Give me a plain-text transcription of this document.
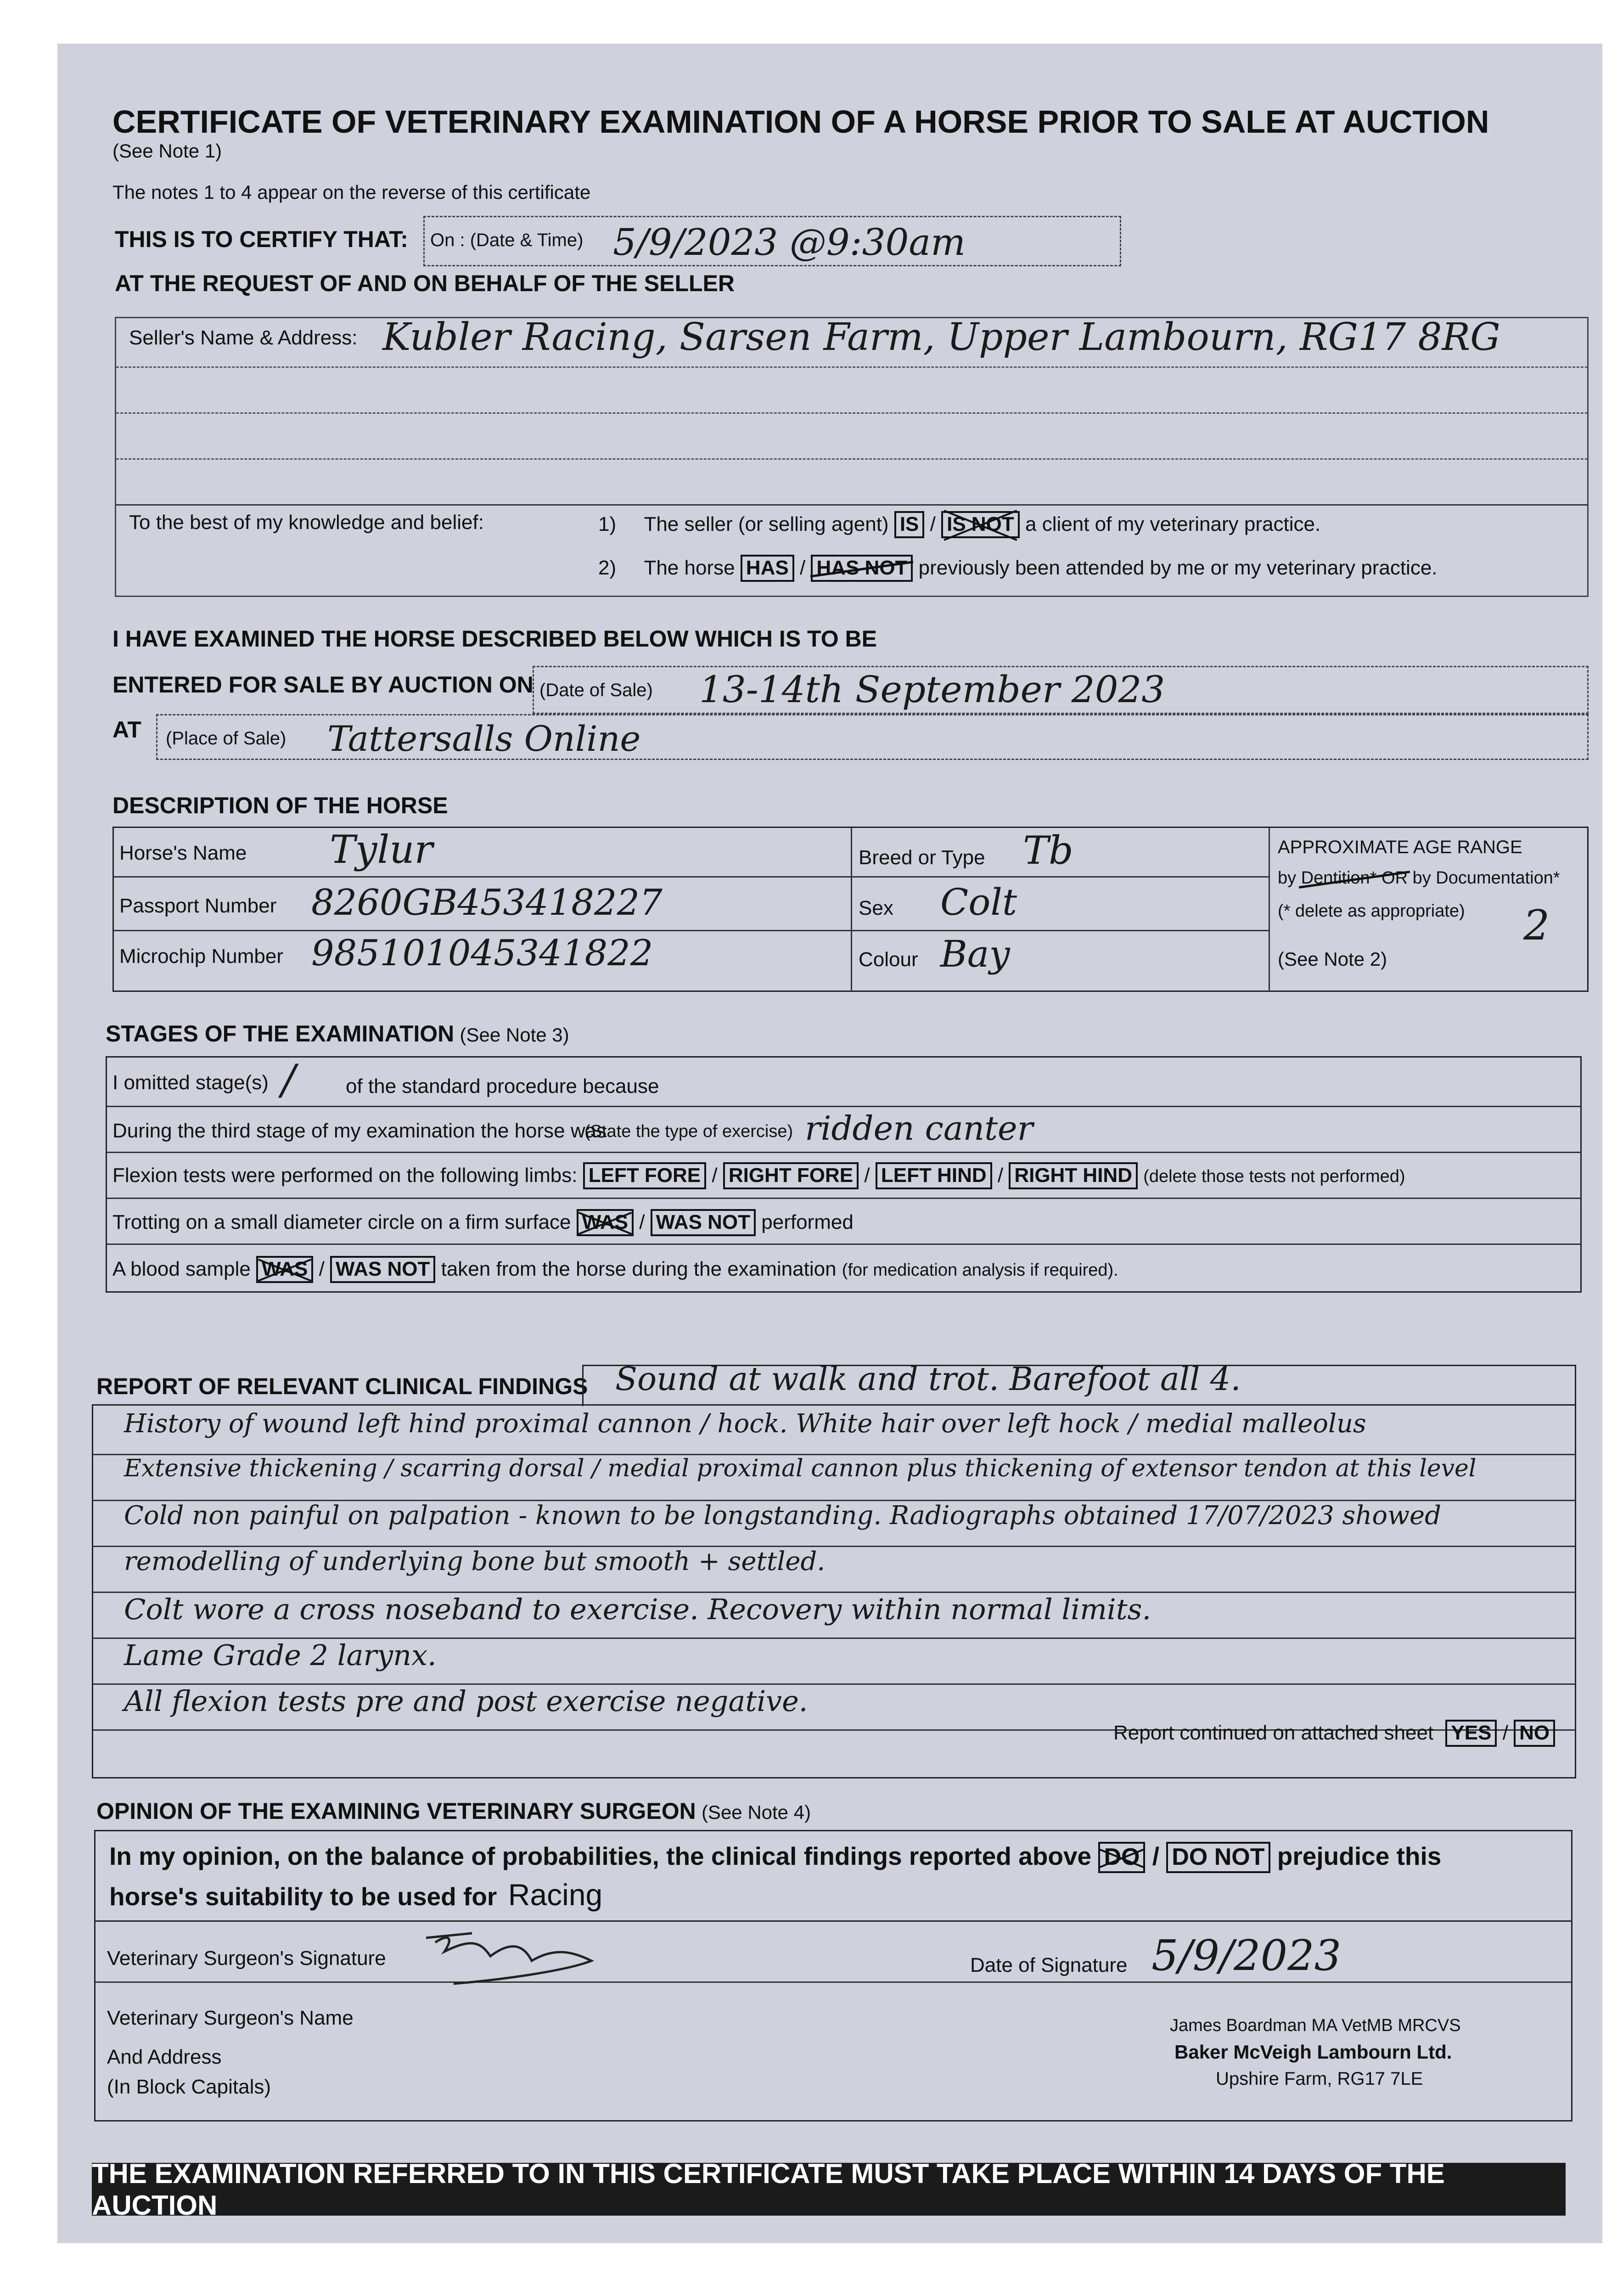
CERTIFICATE OF VETERINARY EXAMINATION OF A HORSE PRIOR TO SALE AT AUCTION
(See Note 1)
The notes 1 to 4 appear on the reverse of this certificate
THIS IS TO CERTIFY THAT: On : (Date & Time) 5/9/2023 @9:30am
AT THE REQUEST OF AND ON BEHALF OF THE SELLER
Seller's Name & Address: Kubler Racing, Sarsen Farm, Upper Lambourn, RG17 8RG
To the best of my knowledge and belief:	1) The seller (or selling agent) IS / IS NOT a client of my veterinary practice.
2) The horse HAS / HAS NOT previously been attended by me or my veterinary practice.
I HAVE EXAMINED THE HORSE DESCRIBED BELOW WHICH IS TO BE
ENTERED FOR SALE BY AUCTION ON (Date of Sale) 13-14th September 2023
AT (Place of Sale) Tattersalls Online
DESCRIPTION OF THE HORSE
Horse's Name Tylur
Passport Number 8260GB453418227
Microchip Number 985101045341822
Breed or Type Tb
Sex Colt
Colour Bay
APPROXIMATE AGE RANGE
by Dentition* OR by Documentation*
(* delete as appropriate) 2
(See Note 2)
STAGES OF THE EXAMINATION (See Note 3)
I omitted stage(s) / of the standard procedure because
During the third stage of my examination the horse was
(State the type of exercise) ridden canter
Flexion tests were performed on the following limbs: LEFT FORE / RIGHT FORE / LEFT HIND / RIGHT HIND (delete those tests not performed)
Trotting on a small diameter circle on a firm surface WAS / WAS NOT performed
A blood sample WAS / WAS NOT taken from the horse during the examination (for medication analysis if required).
REPORT OF RELEVANT CLINICAL FINDINGS Sound at walk and trot. Barefoot all 4.
History of wound left hind proximal cannon / hock. White hair over left hock / medial malleolus
Extensive thickening / scarring dorsal / medial proximal cannon plus thickening of extensor tendon at this level
Cold non painful on palpation - known to be longstanding. Radiographs obtained 17/07/2023 showed
remodelling of underlying bone but smooth + settled.
Colt wore a cross noseband to exercise. Recovery within normal limits.
Lame Grade 2 larynx.
All flexion tests pre and post exercise negative.
Report continued on attached sheet YES / NO
OPINION OF THE EXAMINING VETERINARY SURGEON (See Note 4)
In my opinion, on the balance of probabilities, the clinical findings reported above DO / DO NOT prejudice this
horse's suitability to be used for Racing
Veterinary Surgeon's Signature	Date of Signature 5/9/2023
Veterinary Surgeon's Name
And Address
(In Block Capitals)
James Boardman MA VetMB MRCVS
Baker McVeigh Lambourn Ltd.
Upshire Farm, RG17 7LE
THE EXAMINATION REFERRED TO IN THIS CERTIFICATE MUST TAKE PLACE WITHIN 14 DAYS OF THE AUCTION
